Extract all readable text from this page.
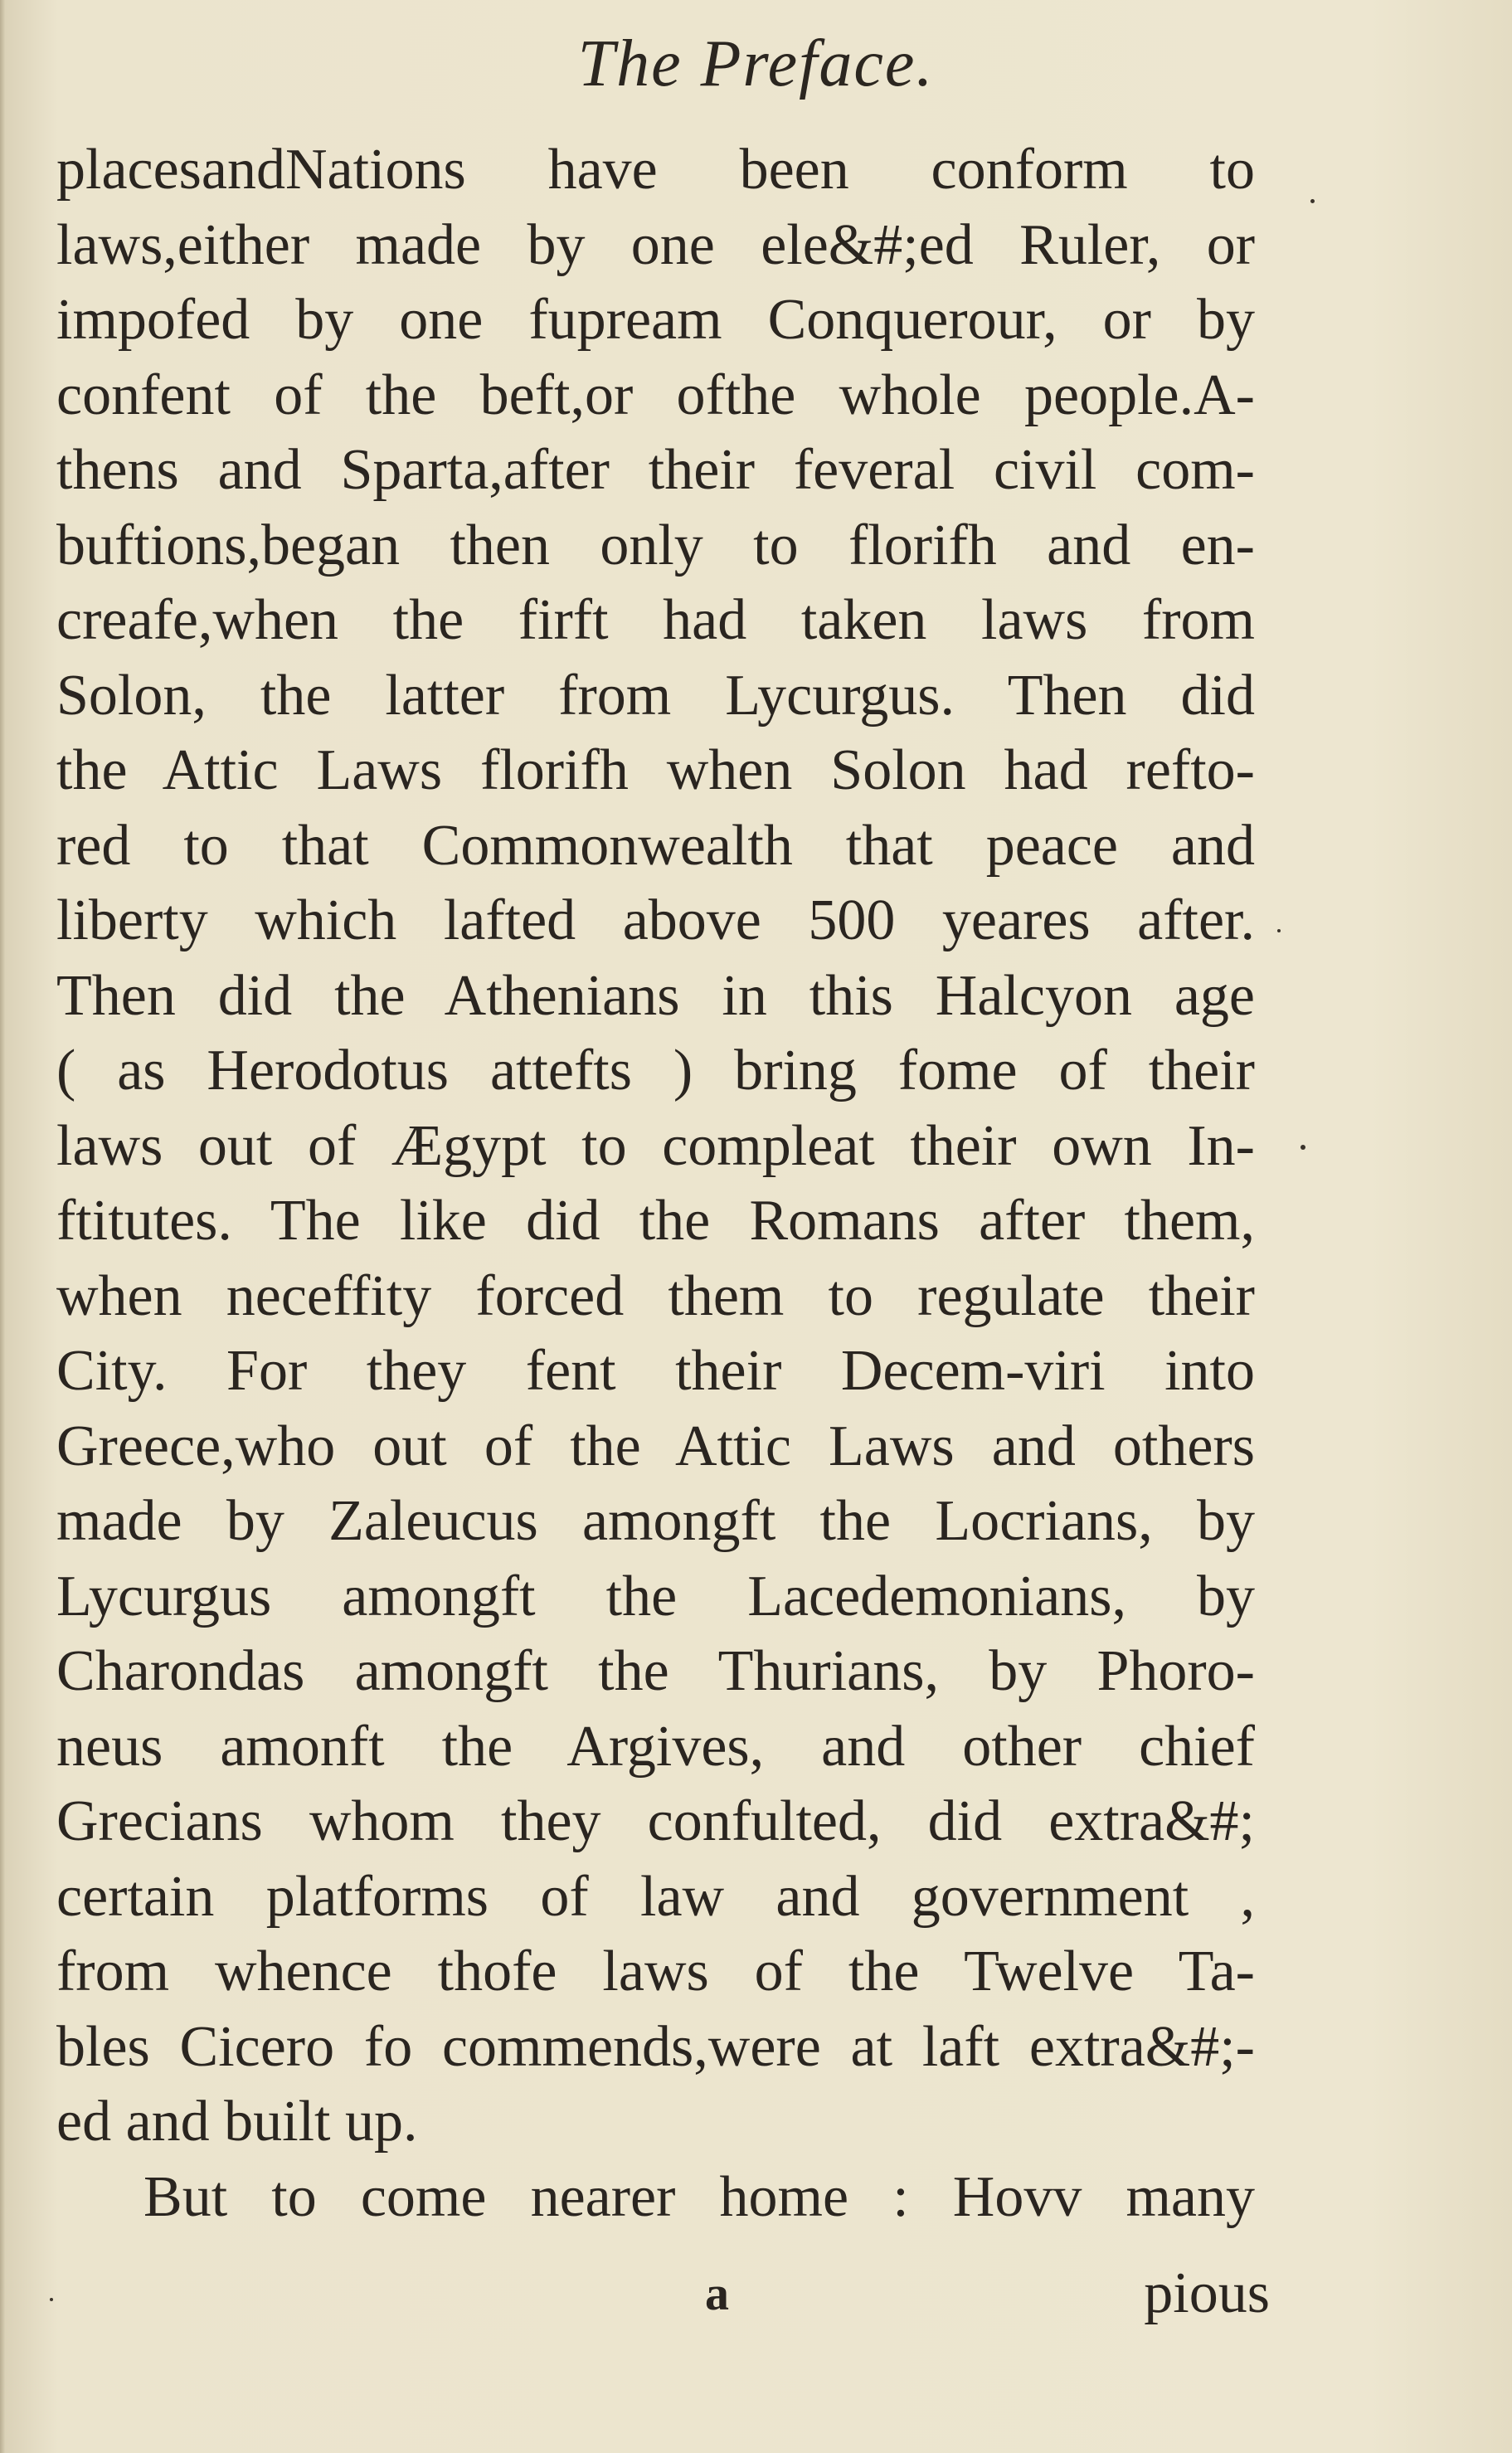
The Preface.
placesandNations have been conform to
laws,either made by one ele&#;ed Ruler, or
impofed by one fupream Conquerour, or by
confent of the beft,or ofthe whole people.A-
thens and Sparta,after their feveral civil com-
buftions,began then only to florifh and en-
creafe,when the firft had taken laws from
Solon, the latter from Lycurgus. Then did
the Attic Laws florifh when Solon had refto-
red to that Commonwealth that peace and
liberty which lafted above 500 yeares after.
Then did the Athenians in this Halcyon age
( as Herodotus attefts ) bring fome of their
laws out of Ægypt to compleat their own In-
ftitutes. The like did the Romans after them,
when neceffity forced them to regulate their
City. For they fent their Decem-viri into
Greece,who out of the Attic Laws and others
made by Zaleucus amongft the Locrians, by
Lycurgus amongft the Lacedemonians, by
Charondas amongft the Thurians, by Phoro-
neus amonft the Argives, and other chief
Grecians whom they confulted, did extra&#;
certain platforms of law and government ,
from whence thofe laws of the Twelve Ta-
bles Cicero fo commends,were at laft extra&#;-
ed and built up.
But to come nearer home : Hovv many
a	pious
